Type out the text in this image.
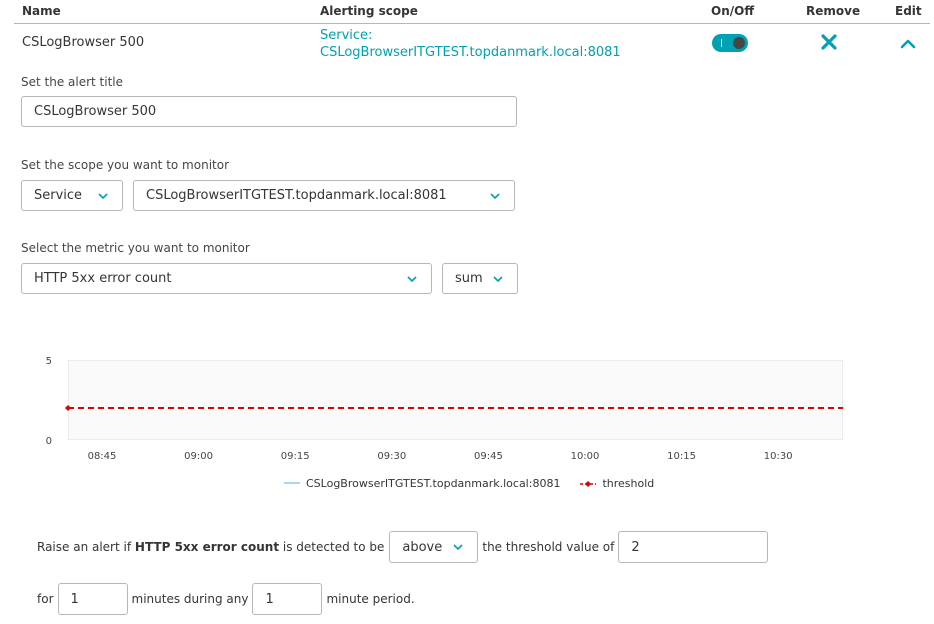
Name	Alerting scope	On/Off	Remove	Edit
CSLogBrowser 500	Service:
CSLogBrowserITGTEST.topdanmark.local:8081
Set the alert title
CSLogBrowser 500
Set the scope you want to monitor
Service	CSLogBrowserITGTEST.topdanmark.local:8081
Select the metric you want to monitor
HTTP 5xx error count	sum
5
0
08:45	09:00	09:15	09:30	09:45	10:00	10:15	10:30
CSLogBrowserITGTEST.topdanmark.local:8081	threshold
Raise an alert if
HTTP 5xx error count
is detected to be	above	the threshold value of	2
for	1	minutes during any	1	minute period.
